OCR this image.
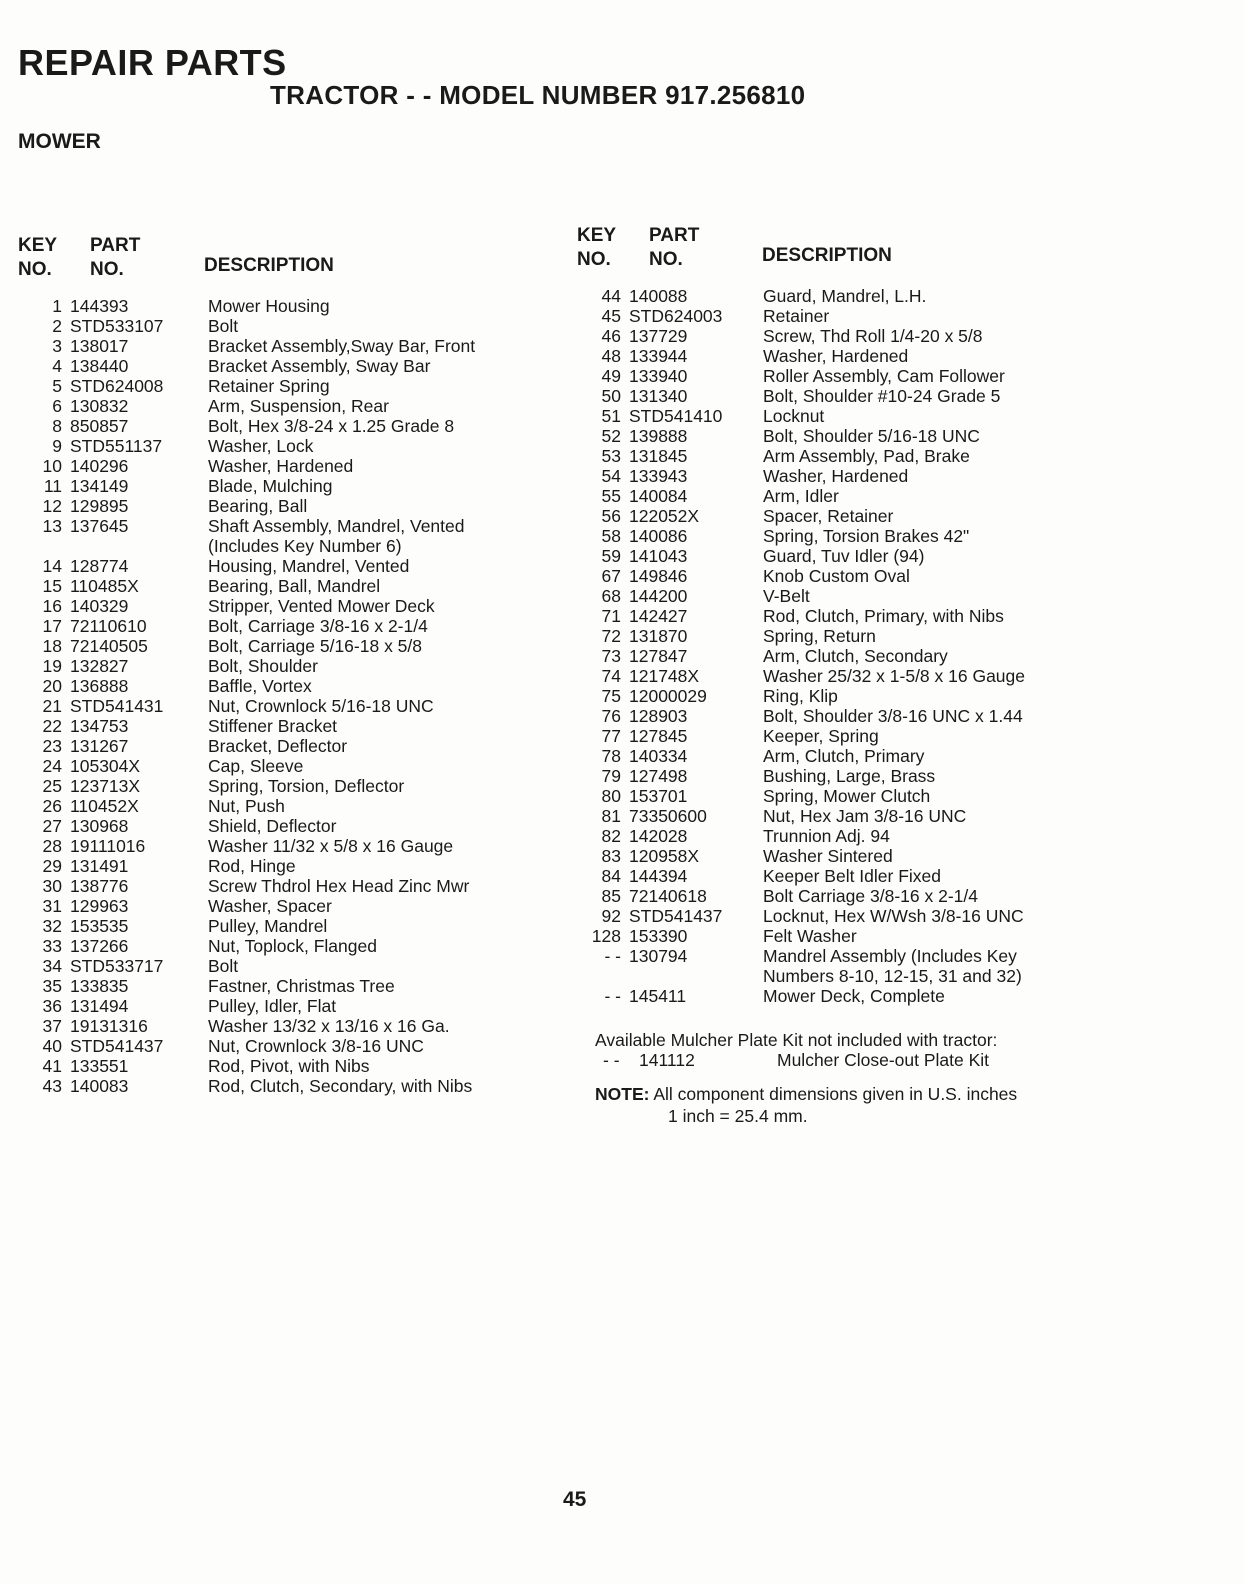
REPAIR PARTS
TRACTOR - - MODEL NUMBER 917.256810
MOWER
KEY
NO.
PART
NO.	DESCRIPTION
1 144393	Mower Housing
2 STD533107	Bolt
3 138017	Bracket Assembly,Sway Bar, Front
4 138440	Bracket Assembly, Sway Bar
5 STD624008	Retainer Spring
6 130832	Arm, Suspension, Rear
8 850857	Bolt, Hex 3/8-24 x 1.25 Grade 8
9 STD551137	Washer, Lock
10 140296	Washer, Hardened
11 134149	Blade, Mulching
12 129895	Bearing, Ball
13 137645	Shaft Assembly, Mandrel, Vented
(Includes Key Number 6)
14 128774	Housing, Mandrel, Vented
15 110485X	Bearing, Ball, Mandrel
16 140329	Stripper, Vented Mower Deck
17 72110610	Bolt, Carriage 3/8-16 x 2-1/4
18 72140505	Bolt, Carriage 5/16-18 x 5/8
19 132827	Bolt, Shoulder
20 136888	Baffle, Vortex
21 STD541431	Nut, Crownlock 5/16-18 UNC
22 134753	Stiffener Bracket
23 131267	Bracket, Deflector
24 105304X	Cap, Sleeve
25 123713X	Spring, Torsion, Deflector
26 110452X	Nut, Push
27 130968	Shield, Deflector
28 19111016	Washer 11/32 x 5/8 x 16 Gauge
29 131491	Rod, Hinge
30 138776	Screw Thdrol Hex Head Zinc Mwr
31 129963	Washer, Spacer
32 153535	Pulley, Mandrel
33 137266	Nut, Toplock, Flanged
34 STD533717	Bolt
35 133835	Fastner, Christmas Tree
36 131494	Pulley, Idler, Flat
37 19131316	Washer 13/32 x 13/16 x 16 Ga.
40 STD541437	Nut, Crownlock 3/8-16 UNC
41 133551	Rod, Pivot, with Nibs
43 140083	Rod, Clutch, Secondary, with Nibs
KEY
NO.
PART
NO.	DESCRIPTION
44 140088	Guard, Mandrel, L.H.
45 STD624003 Retainer
46 137729	Screw, Thd Roll 1/4-20 x 5/8
48 133944	Washer, Hardened
49 133940	Roller Assembly, Cam Follower
50 131340	Bolt, Shoulder #10-24 Grade 5
51 STD541410 Locknut
52 139888	Bolt, Shoulder 5/16-18 UNC
53 131845	Arm Assembly, Pad, Brake
54 133943	Washer, Hardened
55 140084	Arm, Idler
56 122052X	Spacer, Retainer
58 140086	Spring, Torsion Brakes 42"
59 141043	Guard, Tuv Idler (94)
67 149846	Knob Custom Oval
68 144200	V-Belt
71 142427	Rod, Clutch, Primary, with Nibs
72 131870	Spring, Return
73 127847	Arm, Clutch, Secondary
74 121748X	Washer 25/32 x 1-5/8 x 16 Gauge
75 12000029	Ring, Klip
76 128903	Bolt, Shoulder 3/8-16 UNC x 1.44
77 127845	Keeper, Spring
78 140334	Arm, Clutch, Primary
79 127498	Bushing, Large, Brass
80 153701	Spring, Mower Clutch
81 73350600	Nut, Hex Jam 3/8-16 UNC
82 142028	Trunnion Adj. 94
83 120958X	Washer Sintered
84 144394	Keeper Belt Idler Fixed
85 72140618	Bolt Carriage 3/8-16 x 2-1/4
92 STD541437 Locknut, Hex W/Wsh 3/8-16 UNC
128 153390	Felt Washer
- - 130794	Mandrel Assembly (Includes Key
Numbers 8-10, 12-15, 31 and 32)
- - 145411	Mower Deck, Complete
Available Mulcher Plate Kit not included with tractor:
- - 141112	Mulcher Close-out Plate Kit
NOTE: All component dimensions given in U.S. inches
1 inch = 25.4 mm.
45
